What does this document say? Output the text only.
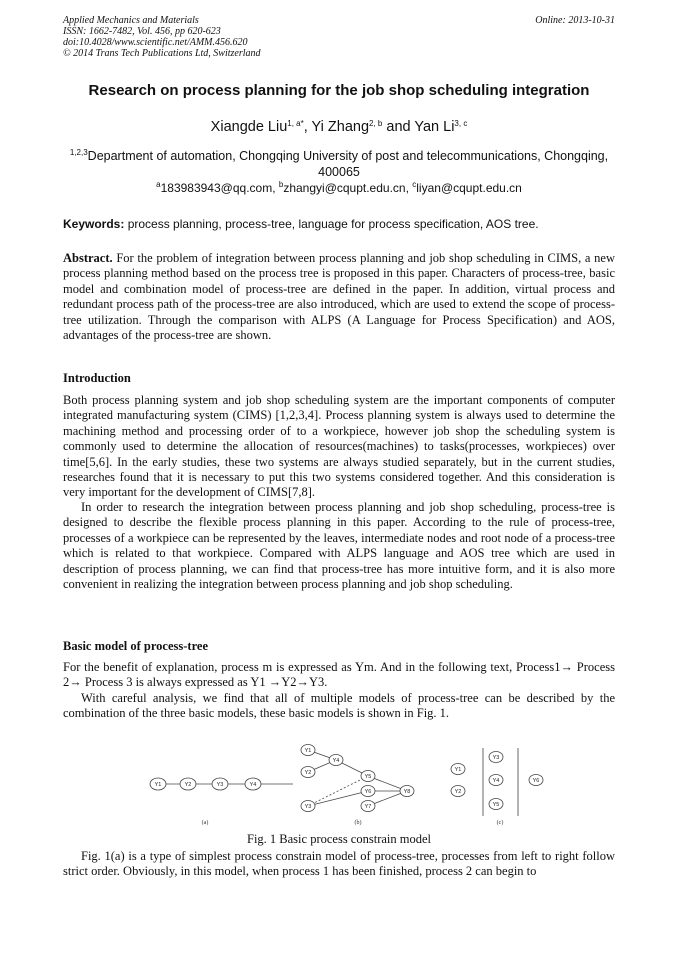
Applied Mechanics and Materials
ISSN: 1662-7482, Vol. 456, pp 620-623
doi:10.4028/www.scientific.net/AMM.456.620
© 2014 Trans Tech Publications Ltd, Switzerland
Online: 2013-10-31
Research on process planning for the job shop scheduling integration
Xiangde Liu$^{1, a*}$, Yi Zhang$^{2, b}$ and Yan Li$^{3, c}$
$^{1,2,3}$Department of automation, Chongqing University of post and telecommunications, Chongqing, 400065
$^a$183983943@qq.com, $^b$zhangyi@cqupt.edu.cn, $^c$liyan@cqupt.edu.cn
Keywords: process planning, process-tree, language for process specification, AOS tree.
Abstract. For the problem of integration between process planning and job shop scheduling in CIMS, a new process planning method based on the process tree is proposed in this paper. Characters of process-tree, basic model and combination model of process-tree are defined in the paper. In addition, virtual process and redundant process path of the process-tree are also introduced, which are used to extend the scope of process-tree utilization. Through the comparison with ALPS (A Language for Process Specification) and AOS, advantages of the process-tree are shown.
Introduction
Both process planning system and job shop scheduling system are the important components of computer integrated manufacturing system (CIMS) [1,2,3,4]. Process planning system is always used to determine the machining method and processing order of to a workpiece, however job shop the scheduling system is commonly used to determine the allocation of resources(machines) to tasks(processes, workpieces) over time[5,6]. In the early studies, these two systems are always studied separately, but in the current studies, researches found that it is necessary to put this two systems considered together. And this consideration is very important for the development of CIMS[7,8].
In order to research the integration between process planning and job shop scheduling, process-tree is designed to describe the flexible process planning in this paper. According to the rule of process-tree, processes of a workpiece can be represented by the leaves, intermediate nodes and root node of a process-tree which is related to that workpiece. Compared with ALPS language and AOS tree which are used in description of process planning, we can find that process-tree has more intuitive form, and it is also more convenient in realizing the integration between process planning and job shop scheduling.
Basic model of process-tree
For the benefit of explanation, process m is expressed as Ym. And in the following text, Process1→ Process 2→ Process 3 is always expressed as Y1 →Y2→Y3.
With careful analysis, we find that all of multiple models of process-tree can be described by the combination of the three basic models, these basic models is shown in Fig. 1.
Y1	Y2	Y3	Y4
Y1
Y2
Y3
Y4
Y5
Y6
Y7
Y8
Y1
Y2
Y3
Y4
Y5
Y6
(a)	(b)	(c)
Fig. 1 Basic process constrain model
Fig. 1(a) is a type of simplest process constrain model of process-tree, processes from left to right follow strict order. Obviously, in this model, when process 1 has been finished, process 2 can begin to
